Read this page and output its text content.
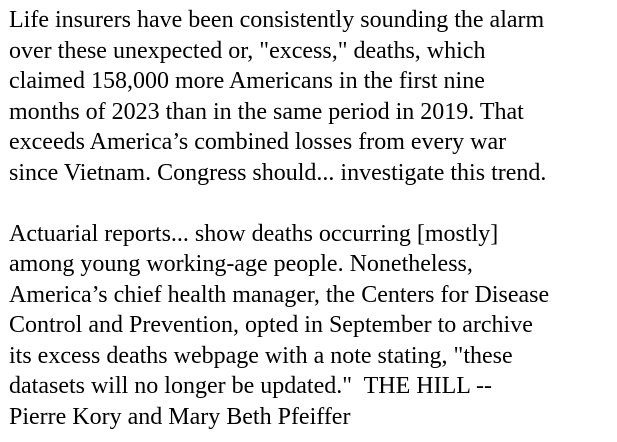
Life insurers have been consistently sounding the alarm
over these unexpected or, "excess," deaths, which
claimed 158,000 more Americans in the first nine
months of 2023 than in the same period in 2019. That
exceeds America’s combined losses from every war
since Vietnam. Congress should... investigate this trend.
Actuarial reports... show deaths occurring [mostly]
among young working-age people. Nonetheless,
America’s chief health manager, the Centers for Disease
Control and Prevention, opted in September to archive
its excess deaths webpage with a note stating, "these
datasets will no longer be updated."  THE HILL --
Pierre Kory and Mary Beth Pfeiffer
